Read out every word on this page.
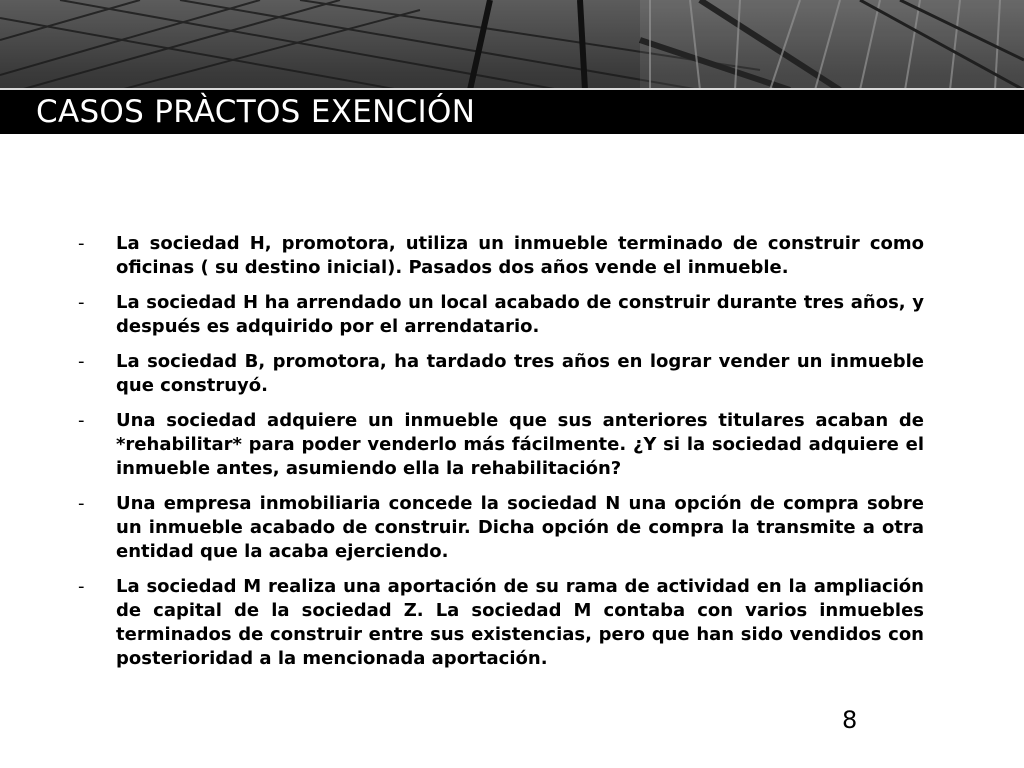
CASOS PRÀCTOS EXENCIÓN
-	La sociedad H, promotora, utiliza un inmueble terminado de construir como oficinas ( su destino inicial). Pasados dos años vende el inmueble.
-	La sociedad H ha arrendado un local acabado de construir durante tres años, y después es adquirido por el arrendatario.
-	La sociedad B, promotora, ha tardado tres años en lograr vender un inmueble que construyó.
-	Una sociedad adquiere un inmueble que sus anteriores titulares acaban de *rehabilitar* para poder venderlo más fácilmente. ¿Y si la sociedad adquiere el inmueble antes, asumiendo ella la rehabilitación?
-	Una empresa inmobiliaria concede la sociedad N una opción de compra sobre un inmueble acabado de construir. Dicha opción de compra la transmite a otra entidad que la acaba ejerciendo.
-	La sociedad M realiza una aportación de su rama de actividad en la ampliación de capital de la sociedad Z. La sociedad M contaba con varios inmuebles terminados de construir entre sus existencias, pero que han sido vendidos con posterioridad a la mencionada aportación.
8
